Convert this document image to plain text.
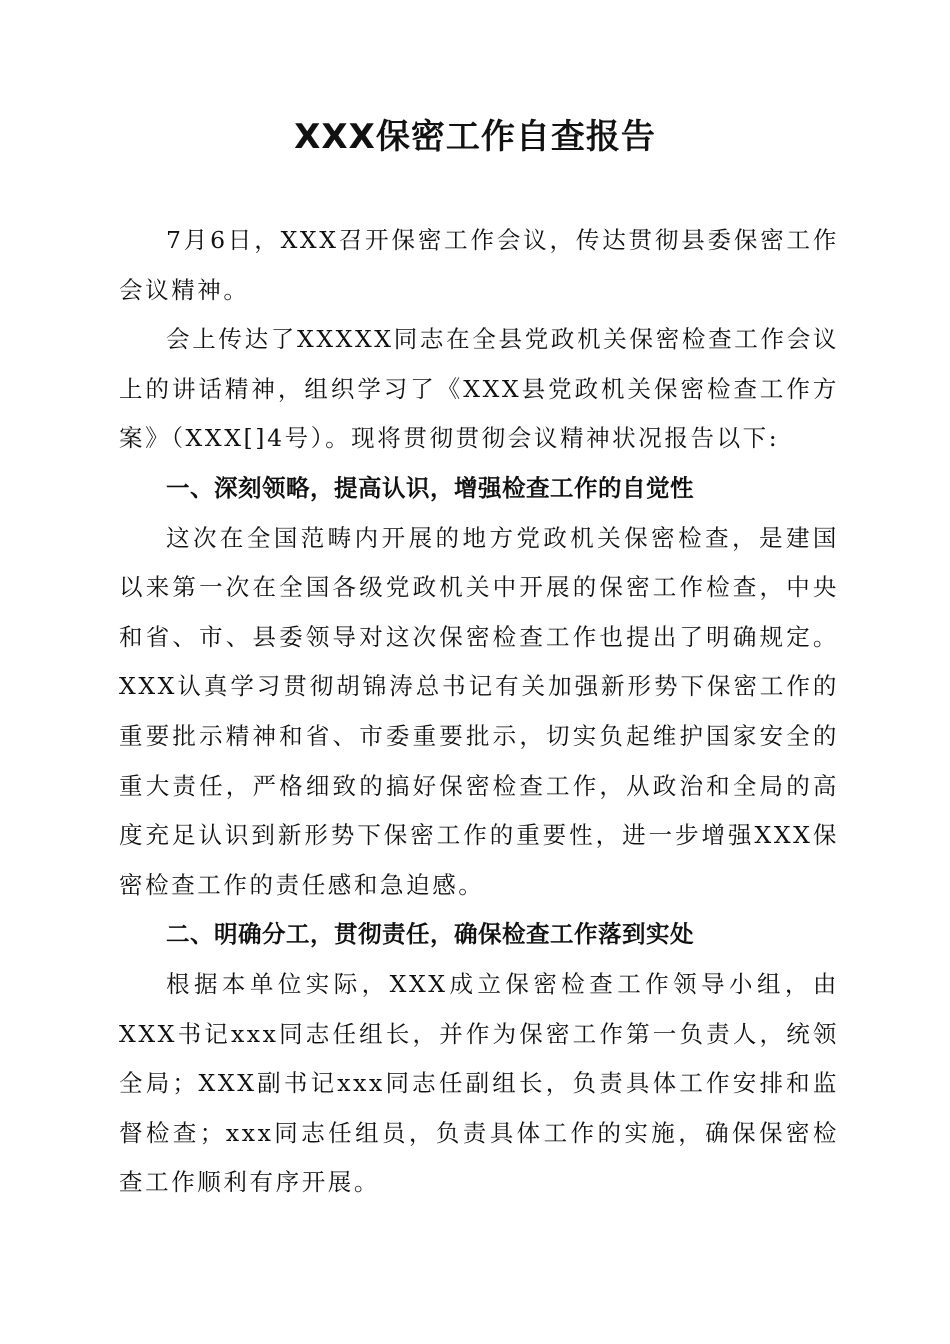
XXX保密工作自查报告

7月6日，XXX召开保密工作会议，传达贯彻县委保密工作会议精神。

会上传达了XXXXX同志在全县党政机关保密检查工作会议上的讲话精神，组织学习了《XXX县党政机关保密检查工作方案》（XXX[]4号）。现将贯彻贯彻会议精神状况报告以下:

一、深刻领略，提高认识，增强检查工作的自觉性

这次在全国范畴内开展的地方党政机关保密检查，是建国以来第一次在全国各级党政机关中开展的保密工作检查，中央和省、市、县委领导对这次保密检查工作也提出了明确规定。XXX认真学习贯彻胡锦涛总书记有关加强新形势下保密工作的重要批示精神和省、市委重要批示，切实负起维护国家安全的重大责任，严格细致的搞好保密检查工作，从政治和全局的高度充足认识到新形势下保密工作的重要性，进一步增强XXX保密检查工作的责任感和急迫感。

二、明确分工，贯彻责任，确保检查工作落到实处

根据本单位实际，XXX成立保密检查工作领导小组，由XXX书记xxx同志任组长，并作为保密工作第一负责人，统领全局；XXX副书记xxx同志任副组长，负责具体工作安排和监督检查；xxx同志任组员，负责具体工作的实施，确保保密检查工作顺利有序开展。
